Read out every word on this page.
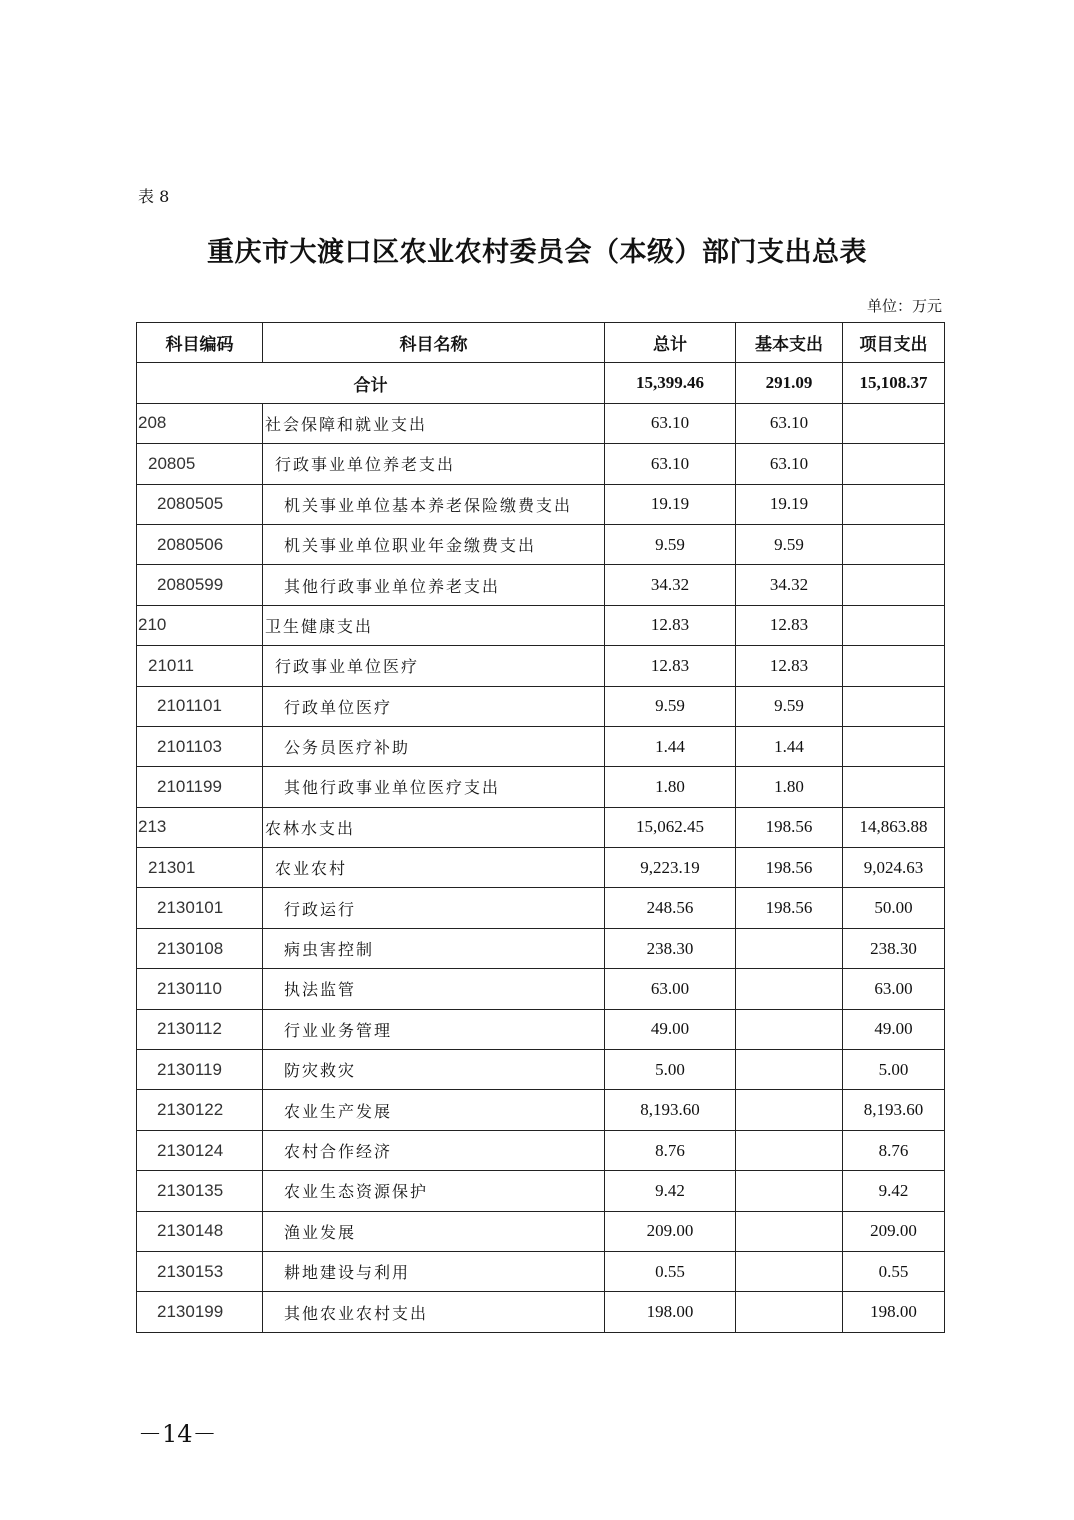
表 8
重庆市大渡口区农业农村委员会（本级）部门支出总表
单位：万元
科目编码	科目名称	总计	基本支出	项目支出
合计		15,399.46	291.09	15,108.37
208	社会保障和就业支出	63.10	63.10	
20805	行政事业单位养老支出	63.10	63.10	
2080505	机关事业单位基本养老保险缴费支出	19.19	19.19	
2080506	机关事业单位职业年金缴费支出	9.59	9.59	
2080599	其他行政事业单位养老支出	34.32	34.32	
210	卫生健康支出	12.83	12.83	
21011	行政事业单位医疗	12.83	12.83	
2101101	行政单位医疗	9.59	9.59	
2101103	公务员医疗补助	1.44	1.44	
2101199	其他行政事业单位医疗支出	1.80	1.80	
213	农林水支出	15,062.45	198.56	14,863.88
21301	农业农村	9,223.19	198.56	9,024.63
2130101	行政运行	248.56	198.56	50.00
2130108	病虫害控制	238.30		238.30
2130110	执法监管	63.00		63.00
2130112	行业业务管理	49.00		49.00
2130119	防灾救灾	5.00		5.00
2130122	农业生产发展	8,193.60		8,193.60
2130124	农村合作经济	8.76		8.76
2130135	农业生态资源保护	9.42		9.42
2130148	渔业发展	209.00		209.00
2130153	耕地建设与利用	0.55		0.55
2130199	其他农业农村支出	198.00		198.00
－14－
